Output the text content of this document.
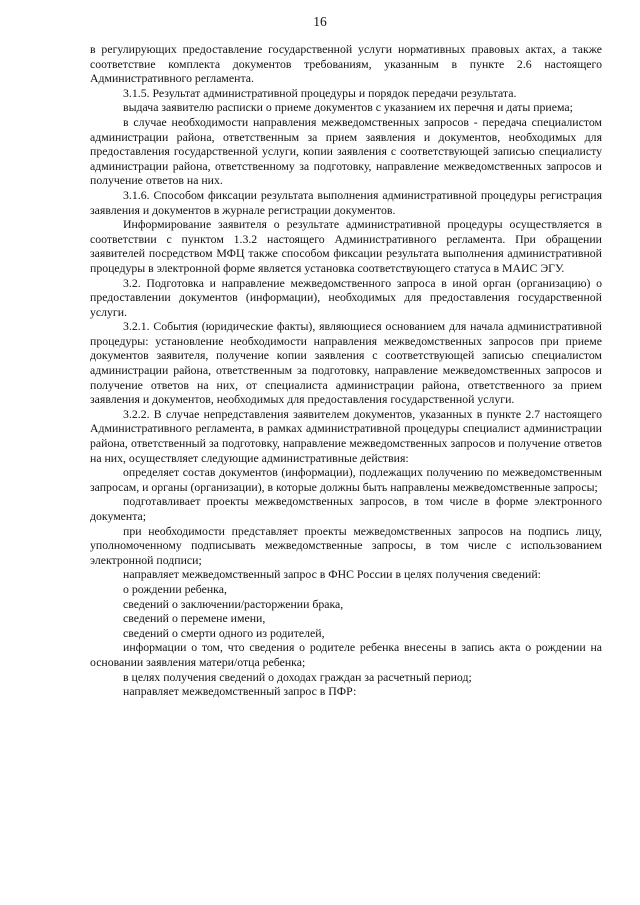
16

в регулирующих предоставление государственной услуги нормативных правовых актах, а также соответствие комплекта документов требованиям, указанным в пункте 2.6 настоящего Административного регламента.

3.1.5. Результат административной процедуры и порядок передачи результата.

выдача заявителю расписки о приеме документов с указанием их перечня и даты приема;

в случае необходимости направления межведомственных запросов - передача специалистом администрации района, ответственным за прием заявления и документов, необходимых для предоставления государственной услуги, копии заявления с соответствующей записью специалисту администрации района, ответственному за подготовку, направление межведомственных запросов и получение ответов на них.

3.1.6. Способом фиксации результата выполнения административной процедуры регистрация заявления и документов в журнале регистрации документов.

Информирование заявителя о результате административной процедуры осуществляется в соответствии с пунктом 1.3.2 настоящего Административного регламента. При обращении заявителей посредством МФЦ также способом фиксации результата выполнения административной процедуры в электронной форме является установка соответствующего статуса в МАИС ЭГУ.

3.2. Подготовка и направление межведомственного запроса в иной орган (организацию) о предоставлении документов (информации), необходимых для предоставления государственной услуги.

3.2.1. События (юридические факты), являющиеся основанием для начала административной процедуры: установление необходимости направления межведомственных запросов при приеме документов заявителя, получение копии заявления с соответствующей записью специалистом администрации района, ответственным за подготовку, направление межведомственных запросов и получение ответов на них, от специалиста администрации района, ответственного за прием заявления и документов, необходимых для предоставления государственной услуги.

3.2.2. В случае непредставления заявителем документов, указанных в пункте 2.7 настоящего Административного регламента, в рамках административной процедуры специалист администрации района, ответственный за подготовку, направление межведомственных запросов и получение ответов на них, осуществляет следующие административные действия:

определяет состав документов (информации), подлежащих получению по межведомственным запросам, и органы (организации), в которые должны быть направлены межведомственные запросы;

подготавливает проекты межведомственных запросов, в том числе в форме электронного документа;

при необходимости представляет проекты межведомственных запросов на подпись лицу, уполномоченному подписывать межведомственные запросы, в том числе с использованием электронной подписи;

направляет межведомственный запрос в ФНС России в целях получения сведений:

о рождении ребенка,

сведений о заключении/расторжении брака,

сведений о перемене имени,

сведений о смерти одного из родителей,

информации о том, что сведения о родителе ребенка внесены в запись акта о рождении на основании заявления матери/отца ребенка;

в целях получения сведений о доходах граждан за расчетный период;

направляет межведомственный запрос в ПФР:
